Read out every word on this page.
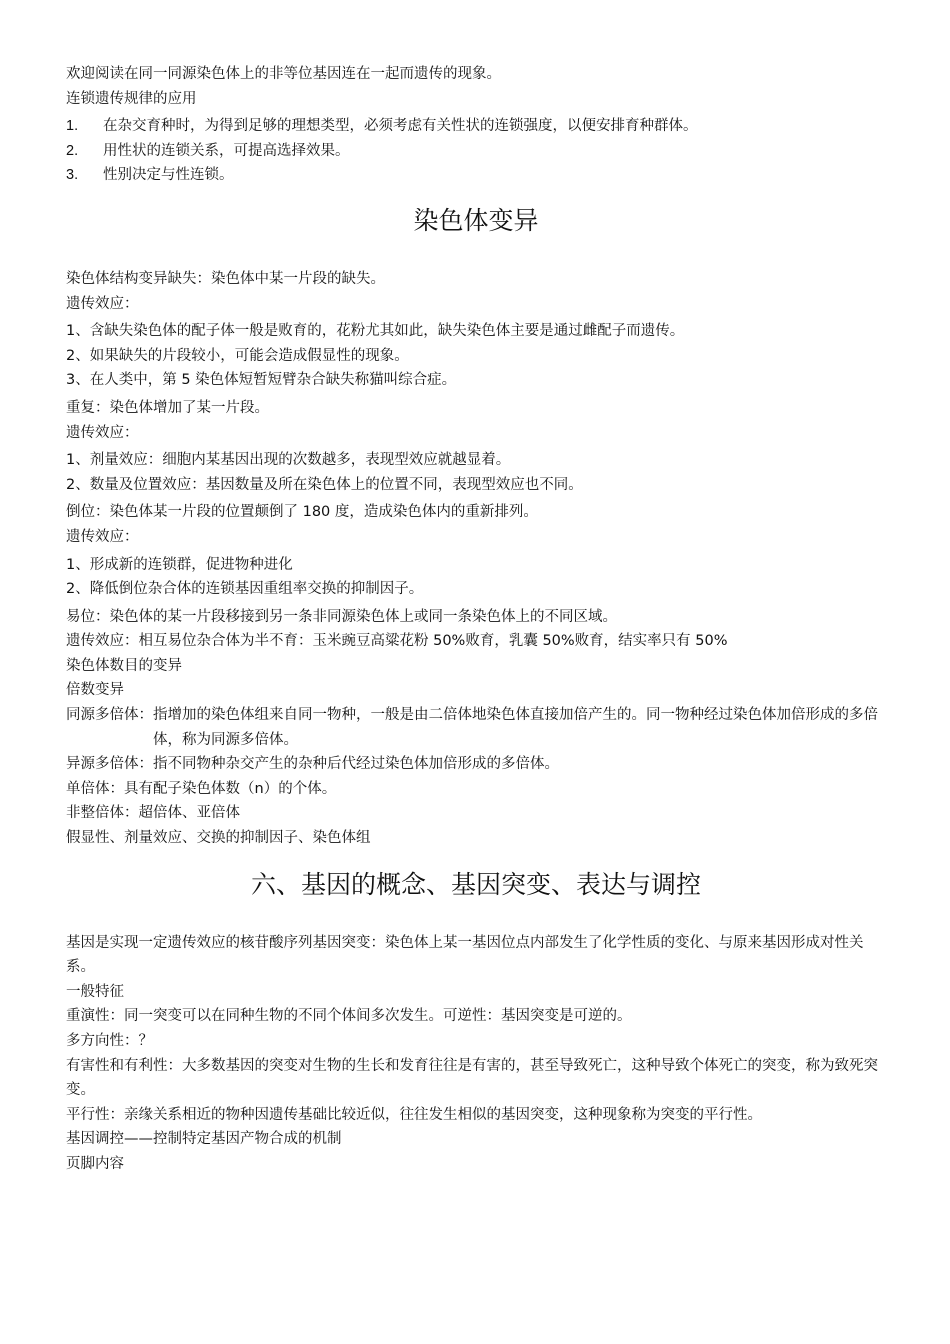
欢迎阅读在同一同源染色体上的非等位基因连在一起而遗传的现象。

连锁遗传规律的应用

1.	在杂交育种时，为得到足够的理想类型，必须考虑有关性状的连锁强度，以便安排育种群体。
2.	用性状的连锁关系，可提高选择效果。
3.	性别决定与性连锁。
染色体变异

染色体结构变异缺失：染色体中某一片段的缺失。

遗传效应：

1、含缺失染色体的配子体一般是败育的，花粉尤其如此，缺失染色体主要是通过雌配子而遗传。

2、如果缺失的片段较小，可能会造成假显性的现象。

3、在人类中，第 5 染色体短暂短臂杂合缺失称猫叫综合症。

重复：染色体增加了某一片段。

遗传效应：

1、剂量效应：细胞内某基因出现的次数越多，表现型效应就越显着。

2、数量及位置效应：基因数量及所在染色体上的位置不同，表现型效应也不同。

倒位：染色体某一片段的位置颠倒了 180 度，造成染色体内的重新排列。

遗传效应：

1、形成新的连锁群，促进物种进化

2、降低倒位杂合体的连锁基因重组率交换的抑制因子。

易位：染色体的某一片段移接到另一条非同源染色体上或同一条染色体上的不同区域。

遗传效应：相互易位杂合体为半不育：玉米豌豆高粱花粉 50%败育，乳囊 50%败育，结实率只有 50%

染色体数目的变异

倍数变异

同源多倍体： 指增加的染色体组来自同一物种，一般是由二倍体地染色体直接加倍产生的。同一物种经过染色体加倍形成的多倍体，称为同源多倍体。

异源多倍体：指不同物种杂交产生的杂种后代经过染色体加倍形成的多倍体。

单倍体：具有配子染色体数（n）的个体。

非整倍体：超倍体、亚倍体

假显性、剂量效应、交换的抑制因子、染色体组

六、基因的概念、基因突变、表达与调控

基因是实现一定遗传效应的核苷酸序列基因突变：染色体上某一基因位点内部发生了化学性质的变化、与原来基因形成对性关系。

一般特征

重演性：同一突变可以在同种生物的不同个体间多次发生。可逆性：基因突变是可逆的。

多方向性：？

有害性和有利性：大多数基因的突变对生物的生长和发育往往是有害的，甚至导致死亡，这种导致个体死亡的突变，称为致死突变。

平行性：亲缘关系相近的物种因遗传基础比较近似，往往发生相似的基因突变，这种现象称为突变的平行性。

基因调控——控制特定基因产物合成的机制

页脚内容
